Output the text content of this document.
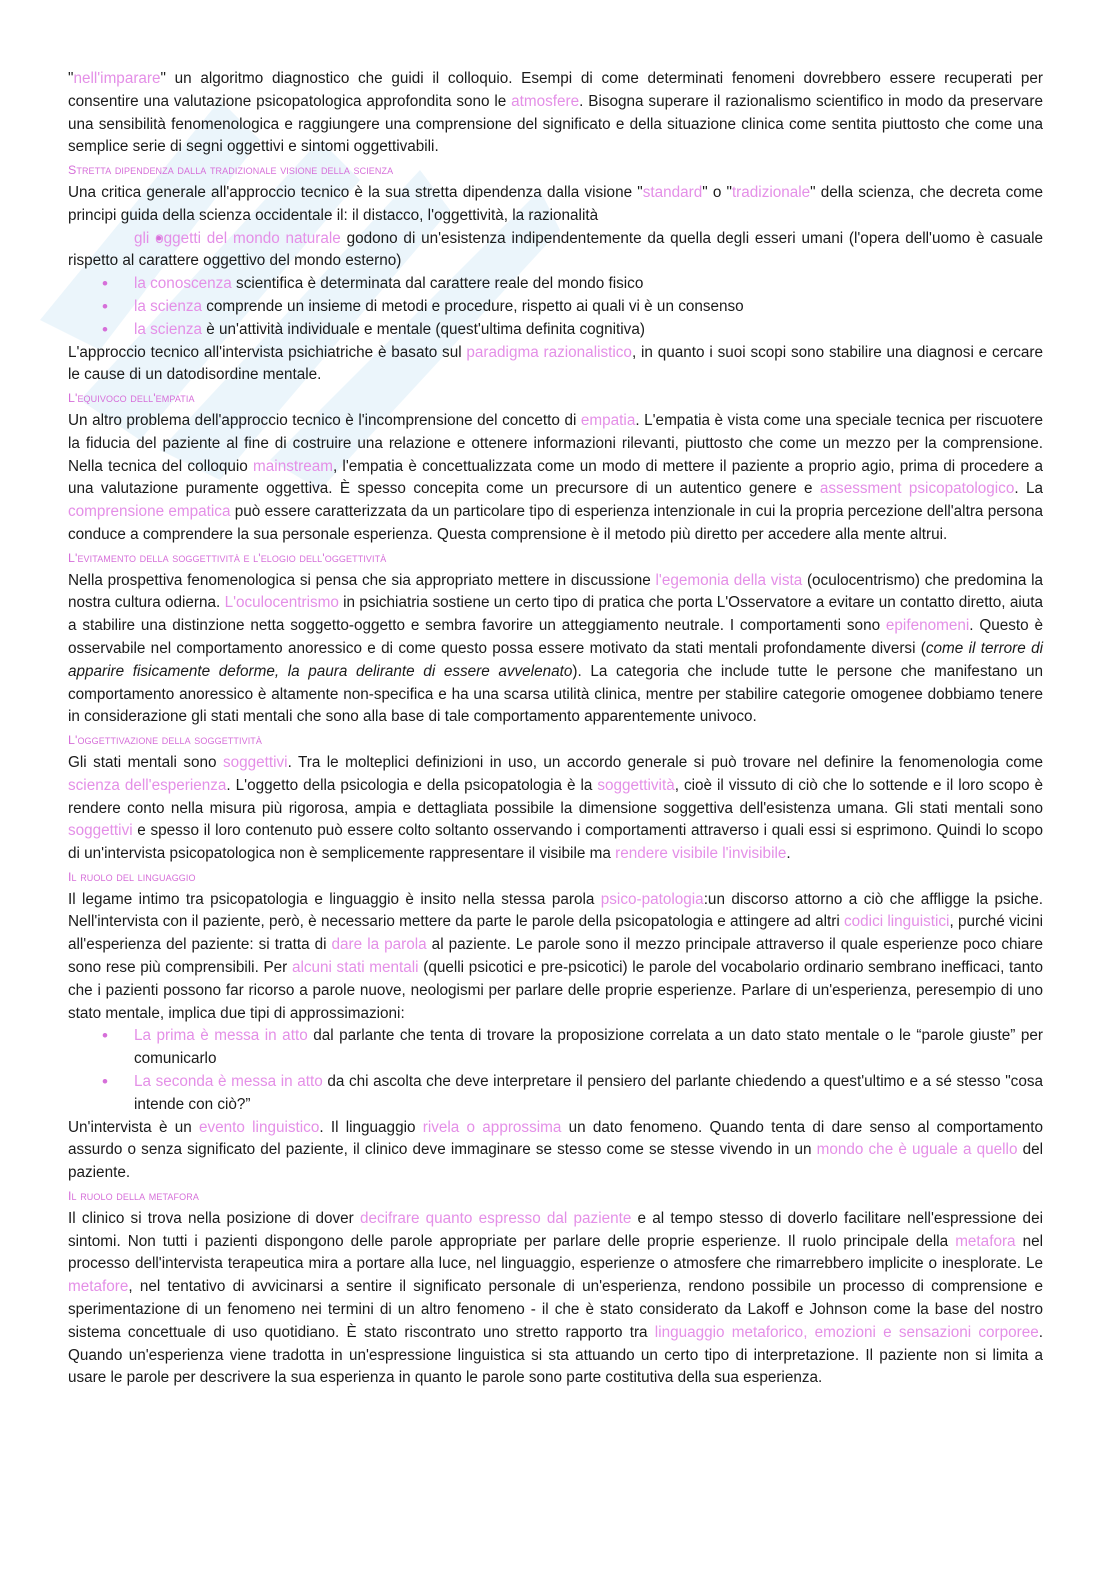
"nell'imparare" un algoritmo diagnostico che guidi il colloquio. Esempi di come determinati fenomeni dovrebbero essere recuperati per consentire una valutazione psicopatologica approfondita sono le atmosfere. Bisogna superare il razionalismo scientifico in modo da preservare una sensibilità fenomenologica e raggiungere una comprensione del significato e della situazione clinica come sentita piuttosto che come una semplice serie di segni oggettivi e sintomi oggettivabili.

Stretta dipendenza dalla tradizionale visione della scienza

Una critica generale all'approccio tecnico è la sua stretta dipendenza dalla visione "standard" o "tradizionale" della scienza, che decreta come principi guida della scienza occidentale il: il distacco, l'oggettività, la razionalità

• gli oggetti del mondo naturale godono di un'esistenza indipendentemente da quella degli esseri umani (l'opera dell'uomo è casuale rispetto al carattere oggettivo del mondo esterno)
• la conoscenza scientifica è determinata dal carattere reale del mondo fisico
• la scienza comprende un insieme di metodi e procedure, rispetto ai quali vi è un consenso
• la scienza è un'attività individuale e mentale (quest'ultima definita cognitiva)

L'approccio tecnico all'intervista psichiatriche è basato sul paradigma razionalistico, in quanto i suoi scopi sono stabilire una diagnosi e cercare le cause di un datodisordine mentale.

L'equivoco dell'empatia

Un altro problema dell'approccio tecnico è l'incomprensione del concetto di empatia. L'empatia è vista come una speciale tecnica per riscuotere la fiducia del paziente al fine di costruire una relazione e ottenere informazioni rilevanti, piuttosto che come un mezzo per la comprensione. Nella tecnica del colloquio mainstream, l'empatia è concettualizzata come un modo di mettere il paziente a proprio agio, prima di procedere a una valutazione puramente oggettiva. È spesso concepita come un precursore di un autentico genere e assessment psicopatologico. La comprensione empatica può essere caratterizzata da un particolare tipo di esperienza intenzionale in cui la propria percezione dell'altra persona conduce a comprendere la sua personale esperienza. Questa comprensione è il metodo più diretto per accedere alla mente altrui.

L'evitamento della soggettività e l'elogio dell'oggettività

Nella prospettiva fenomenologica si pensa che sia appropriato mettere in discussione l'egemonia della vista (oculocentrismo) che predomina la nostra cultura odierna. L'oculocentrismo in psichiatria sostiene un certo tipo di pratica che porta L'Osservatore a evitare un contatto diretto, aiuta a stabilire una distinzione netta soggetto-oggetto e sembra favorire un atteggiamento neutrale. I comportamenti sono epifenomeni. Questo è osservabile nel comportamento anoressico e di come questo possa essere motivato da stati mentali profondamente diversi (come il terrore di apparire fisicamente deforme, la paura delirante di essere avvelenato). La categoria che include tutte le persone che manifestano un comportamento anoressico è altamente non-specifica e ha una scarsa utilità clinica, mentre per stabilire categorie omogenee dobbiamo tenere in considerazione gli stati mentali che sono alla base di tale comportamento apparentemente univoco.

L'oggettivazione della soggettività

Gli stati mentali sono soggettivi. Tra le molteplici definizioni in uso, un accordo generale si può trovare nel definire la fenomenologia come scienza dell'esperienza. L'oggetto della psicologia e della psicopatologia è la soggettività, cioè il vissuto di ciò che lo sottende e il loro scopo è rendere conto nella misura più rigorosa, ampia e dettagliata possibile la dimensione soggettiva dell'esistenza umana. Gli stati mentali sono soggettivi e spesso il loro contenuto può essere colto soltanto osservando i comportamenti attraverso i quali essi si esprimono. Quindi lo scopo di un'intervista psicopatologica non è semplicemente rappresentare il visibile ma rendere visibile l'invisibile.

Il ruolo del linguaggio

Il legame intimo tra psicopatologia e linguaggio è insito nella stessa parola psico-patologia:un discorso attorno a ciò che affligge la psiche. Nell'intervista con il paziente, però, è necessario mettere da parte le parole della psicopatologia e attingere ad altri codici linguistici, purché vicini all'esperienza del paziente: si tratta di dare la parola al paziente. Le parole sono il mezzo principale attraverso il quale esperienze poco chiare sono rese più comprensibili. Per alcuni stati mentali (quelli psicotici e pre-psicotici) le parole del vocabolario ordinario sembrano inefficaci, tanto che i pazienti possono far ricorso a parole nuove, neologismi per parlare delle proprie esperienze. Parlare di un'esperienza, peresempio di uno stato mentale, implica due tipi di approssimazioni:

• La prima è messa in atto dal parlante che tenta di trovare la proposizione correlata a un dato stato mentale o le “parole giuste” per comunicarlo
• La seconda è messa in atto da chi ascolta che deve interpretare il pensiero del parlante chiedendo a quest'ultimo e a sé stesso "cosa intende con ciò?”

Un'intervista è un evento linguistico. Il linguaggio rivela o approssima un dato fenomeno. Quando tenta di dare senso al comportamento assurdo o senza significato del paziente, il clinico deve immaginare se stesso come se stesse vivendo in un mondo che è uguale a quello del paziente.

Il ruolo della metafora

Il clinico si trova nella posizione di dover decifrare quanto espresso dal paziente e al tempo stesso di doverlo facilitare nell'espressione dei sintomi. Non tutti i pazienti dispongono delle parole appropriate per parlare delle proprie esperienze. Il ruolo principale della metafora nel processo dell'intervista terapeutica mira a portare alla luce, nel linguaggio, esperienze o atmosfere che rimarrebbero implicite o inesplorate. Le metafore, nel tentativo di avvicinarsi a sentire il significato personale di un'esperienza, rendono possibile un processo di comprensione e sperimentazione di un fenomeno nei termini di un altro fenomeno - il che è stato considerato da Lakoff e Johnson come la base del nostro sistema concettuale di uso quotidiano. È stato riscontrato uno stretto rapporto tra linguaggio metaforico, emozioni e sensazioni corporee. Quando un'esperienza viene tradotta in un'espressione linguistica si sta attuando un certo tipo di interpretazione. Il paziente non si limita a usare le parole per descrivere la sua esperienza in quanto le parole sono parte costitutiva della sua esperienza.
